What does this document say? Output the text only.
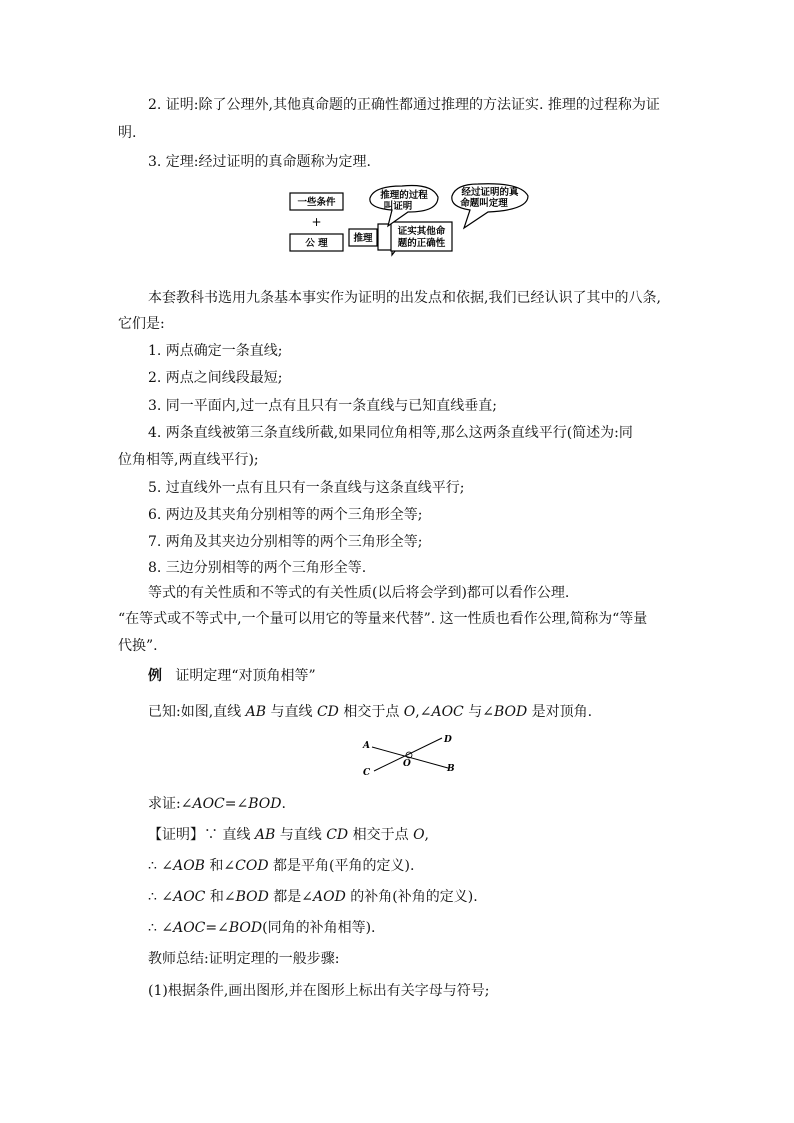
2. 证明:除了公理外,其他真命题的正确性都通过推理的方法证实. 推理的过程称为证
明.
3. 定理:经过证明的真命题称为定理.
一些条件
+
公 理	推理
证实其他命
题的正确性
推理的过程
叫证明
经过证明的真
命题叫定理
本套教科书选用九条基本事实作为证明的出发点和依据,我们已经认识了其中的八条,
它们是:
1. 两点确定一条直线;
2. 两点之间线段最短;
3. 同一平面内,过一点有且只有一条直线与已知直线垂直;
4. 两条直线被第三条直线所截,如果同位角相等,那么这两条直线平行(简述为:同
位角相等,两直线平行);
5. 过直线外一点有且只有一条直线与这条直线平行;
6. 两边及其夹角分别相等的两个三角形全等;
7. 两角及其夹边分别相等的两个三角形全等;
8. 三边分别相等的两个三角形全等.
等式的有关性质和不等式的有关性质(以后将会学到)都可以看作公理.
“在等式或不等式中,一个量可以用它的等量来代替”. 这一性质也看作公理,简称为“等量
代换”.
例 证明定理“对顶角相等”
已知:如图,直线 AB 与直线 CD 相交于点 O,∠AOC 与∠BOD 是对顶角.
A
D
O	B
C
求证:∠AOC=∠BOD.
【证明】∵ 直线 AB 与直线 CD 相交于点 O,
∴ ∠AOB 和∠COD 都是平角(平角的定义).
∴ ∠AOC 和∠BOD 都是∠AOD 的补角(补角的定义).
∴ ∠AOC=∠BOD(同角的补角相等).
教师总结:证明定理的一般步骤:
(1)根据条件,画出图形,并在图形上标出有关字母与符号;
